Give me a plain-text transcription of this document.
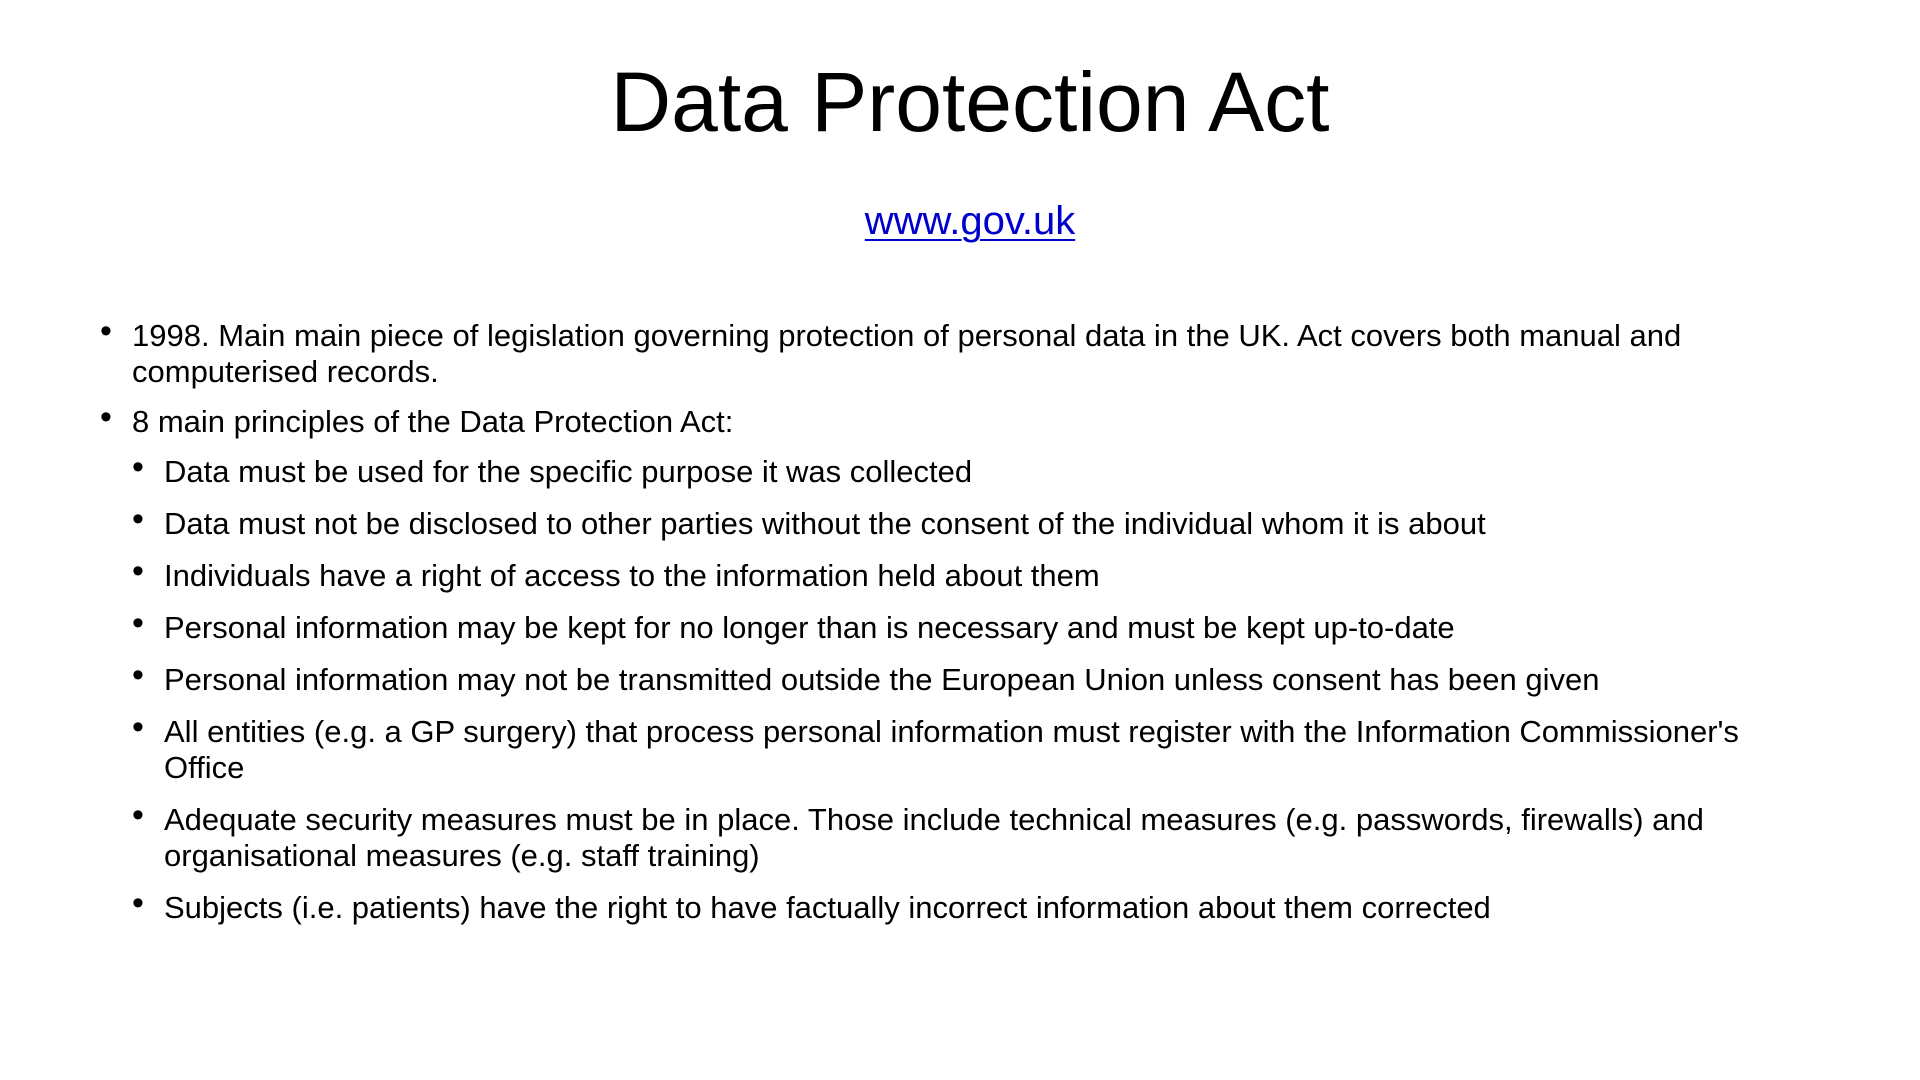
Data Protection Act
www.gov.uk
• 1998. Main main piece of legislation governing protection of personal data in the UK. Act covers both manual and computerised records.
• 8 main principles of the Data Protection Act:
• Data must be used for the specific purpose it was collected
• Data must not be disclosed to other parties without the consent of the individual whom it is about
• Individuals have a right of access to the information held about them
• Personal information may be kept for no longer than is necessary and must be kept up-to-date
• Personal information may not be transmitted outside the European Union unless consent has been given
• All entities (e.g. a GP surgery) that process personal information must register with the Information Commissioner's Office
• Adequate security measures must be in place. Those include technical measures (e.g. passwords, firewalls) and organisational measures (e.g. staff training)
• Subjects (i.e. patients) have the right to have factually incorrect information about them corrected
